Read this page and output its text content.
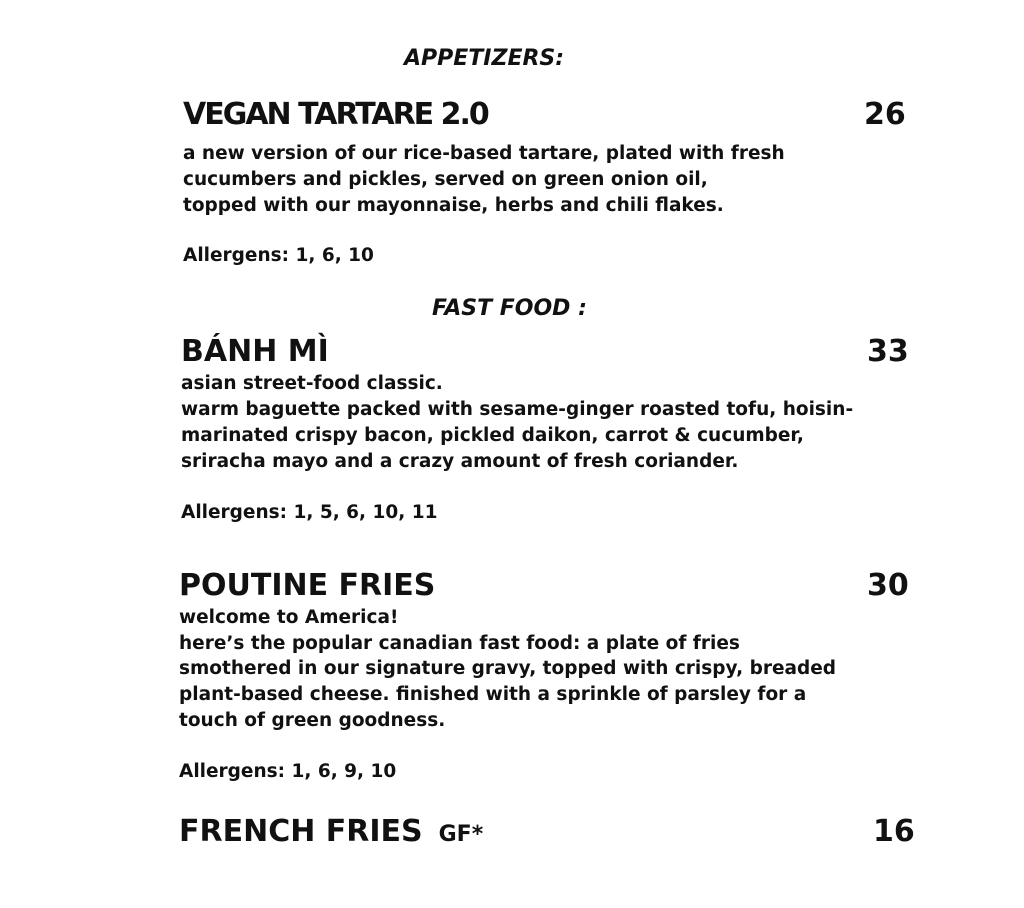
APPETIZERS:
VEGAN TARTARE 2.0	26
a new version of our rice-based tartare, plated with fresh
cucumbers and pickles, served on green onion oil,
topped with our mayonnaise, herbs and chili flakes.
Allergens: 1, 6, 10
FAST FOOD :
BÁNH MÌ	33
asian street-food classic.
warm baguette packed with sesame-ginger roasted tofu, hoisin-
marinated crispy bacon, pickled daikon, carrot & cucumber,
sriracha mayo and a crazy amount of fresh coriander.
Allergens: 1, 5, 6, 10, 11
POUTINE FRIES	30
welcome to America!
here’s the popular canadian fast food: a plate of fries
smothered in our signature gravy, topped with crispy, breaded
plant-based cheese. finished with a sprinkle of parsley for a
touch of green goodness.
Allergens: 1, 6, 9, 10
FRENCH FRIES GF*	16
